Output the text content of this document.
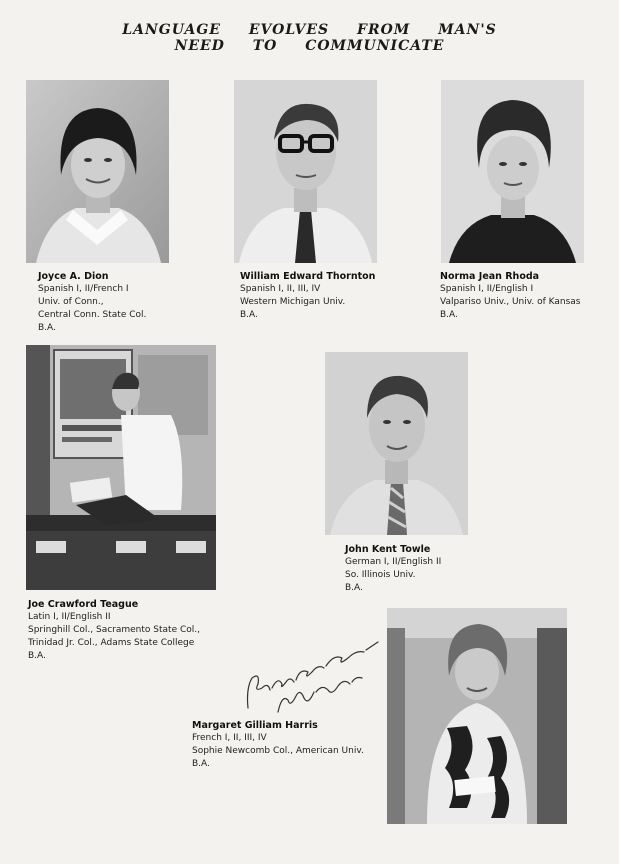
LANGUAGE EVOLVES FROM MAN'S
NEED TO COMMUNICATE
Joyce A. Dion
Spanish I, II/French I
Univ. of Conn.,
Central Conn. State Col.
B.A.
William Edward Thornton
Spanish I, II, III, IV
Western Michigan Univ.
B.A.
Norma Jean Rhoda
Spanish I, II/English I
Valpariso Univ., Univ. of Kansas
B.A.
Joe Crawford Teague
Latin I, II/English II
Springhill Col., Sacramento State Col.,
Trinidad Jr. Col., Adams State College
B.A.
John Kent Towle
German I, II/English II
So. Illinois Univ.
B.A.
Margaret Gilliam Harris
French I, II, III, IV
Sophie Newcomb Col., American Univ.
B.A.
